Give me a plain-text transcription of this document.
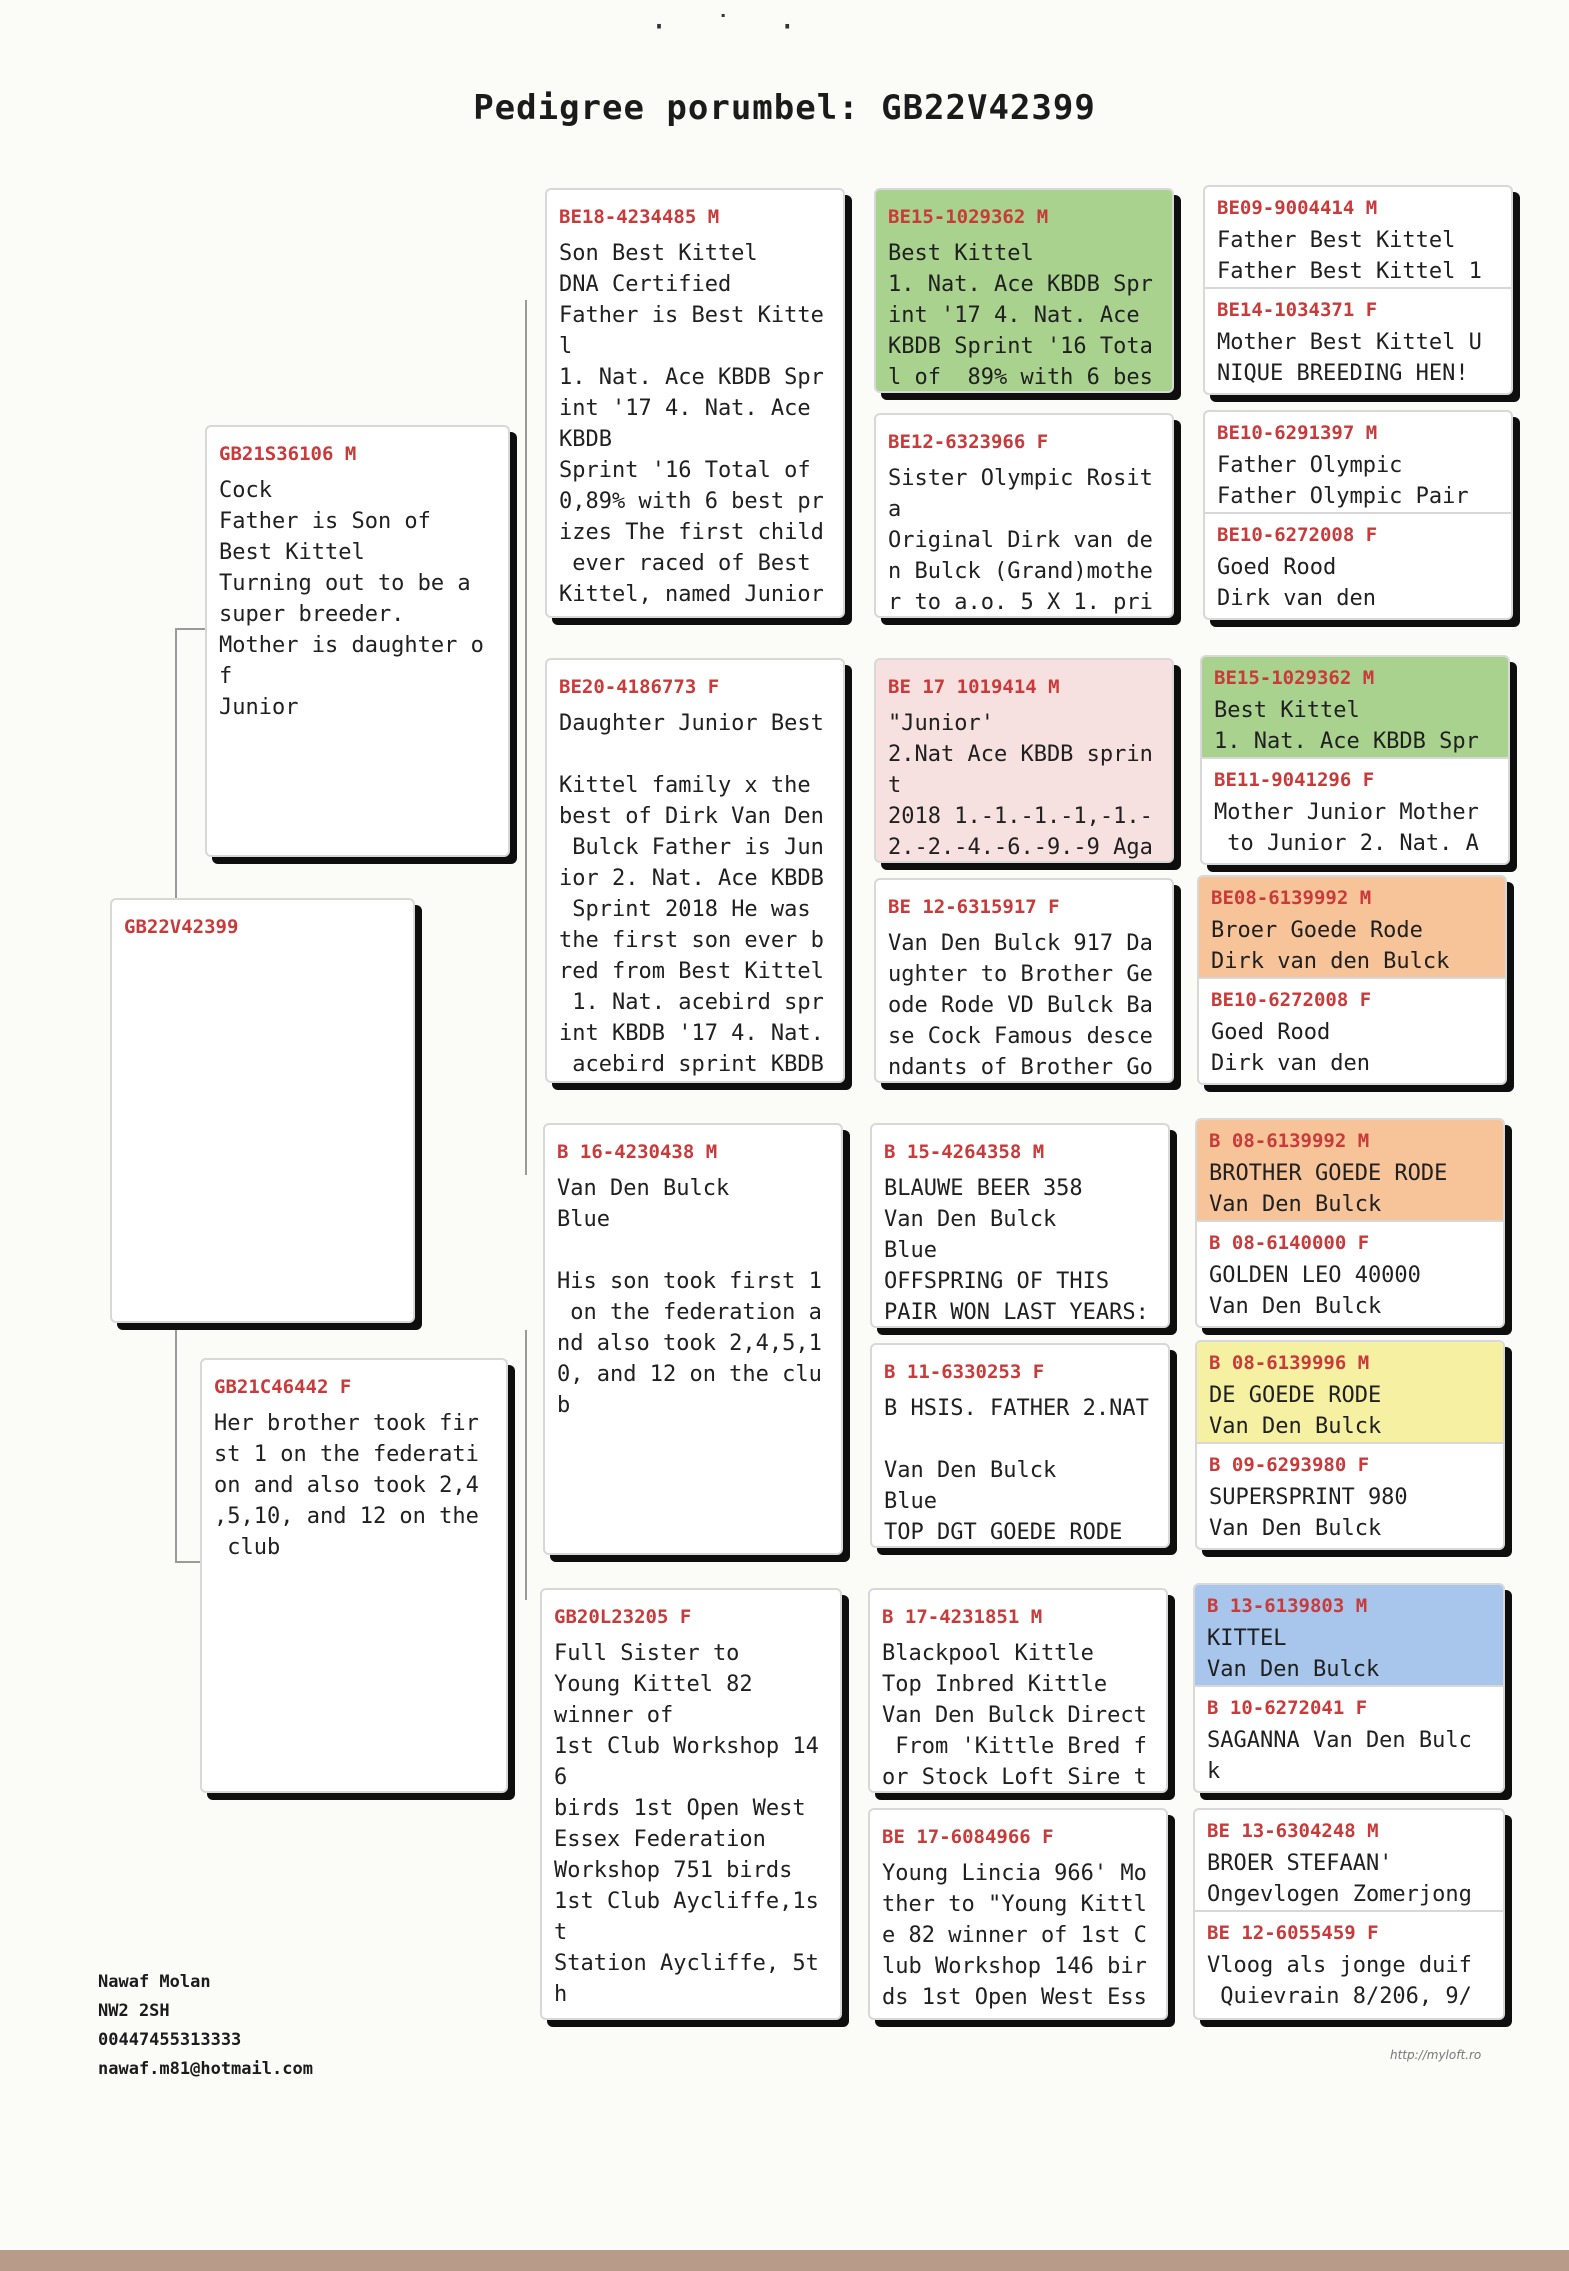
· ˙ ·
Pedigree porumbel: GB22V42399
GB22V42399
GB21S36106 M
Cock
Father is Son of
Best Kittel
Turning out to be a
super breeder.
Mother is daughter o
f
Junior
GB21C46442 F
Her brother took fir
st 1 on the federati
on and also took 2,4
,5,10, and 12 on the
club
BE18-4234485 M
Son Best Kittel
DNA Certified
Father is Best Kitte
l
1. Nat. Ace KBDB Spr
int '17 4. Nat. Ace
KBDB
Sprint '16 Total of
0,89% with 6 best pr
izes The first child
ever raced of Best
Kittel, named Junior
BE20-4186773 F
Daughter Junior Best

Kittel family x the
best of Dirk Van Den
Bulck Father is Jun
ior 2. Nat. Ace KBDB
Sprint 2018 He was
the first son ever b
red from Best Kittel
1. Nat. acebird spr
int KBDB '17 4. Nat.
acebird sprint KBDB
B 16-4230438 M
Van Den Bulck
Blue

His son took first 1
on the federation a
nd also took 2,4,5,1
0, and 12 on the clu
b
GB20L23205 F
Full Sister to
Young Kittel 82
winner of
1st Club Workshop 14
6
birds 1st Open West
Essex Federation
Workshop 751 birds
1st Club Aycliffe,1s
t
Station Aycliffe, 5t
h
BE15-1029362 M
Best Kittel
1. Nat. Ace KBDB Spr
int '17 4. Nat. Ace
KBDB Sprint '16 Tota
l of  89% with 6 bes
BE12-6323966 F
Sister Olympic Rosit
a
Original Dirk van de
n Bulck (Grand)mothe
r to a.o. 5 X 1. pri
BE 17 1019414 M
"Junior'
2.Nat Ace KBDB sprin
t
2018 1.-1.-1.-1,-1.-
2.-2.-4.-6.-9.-9 Aga
BE 12-6315917 F
Van Den Bulck 917 Da
ughter to Brother Ge
ode Rode VD Bulck Ba
se Cock Famous desce
ndants of Brother Go
B 15-4264358 M
BLAUWE BEER 358
Van Den Bulck
Blue
OFFSPRING OF THIS
PAIR WON LAST YEARS:
B 11-6330253 F
B HSIS. FATHER 2.NAT

Van Den Bulck
Blue
TOP DGT GOEDE RODE
B 17-4231851 M
Blackpool Kittle
Top Inbred Kittle
Van Den Bulck Direct
From 'Kittle Bred f
or Stock Loft Sire t
BE 17-6084966 F
Young Lincia 966' Mo
ther to "Young Kittl
e 82 winner of 1st C
lub Workshop 146 bir
ds 1st Open West Ess
BE09-9004414 M
Father Best Kittel
Father Best Kittel 1
BE14-1034371 F
Mother Best Kittel U
NIQUE BREEDING HEN!
BE10-6291397 M
Father Olympic
Father Olympic Pair
BE10-6272008 F
Goed Rood
Dirk van den
BE15-1029362 M
Best Kittel
1. Nat. Ace KBDB Spr
BE11-9041296 F
Mother Junior Mother
to Junior 2. Nat. A
BE08-6139992 M
Broer Goede Rode
Dirk van den Bulck
BE10-6272008 F
Goed Rood
Dirk van den
B 08-6139992 M
BROTHER GOEDE RODE
Van Den Bulck
B 08-6140000 F
GOLDEN LEO 40000
Van Den Bulck
B 08-6139996 M
DE GOEDE RODE
Van Den Bulck
B 09-6293980 F
SUPERSPRINT 980
Van Den Bulck
B 13-6139803 M
KITTEL
Van Den Bulck
B 10-6272041 F
SAGANNA Van Den Bulc
k
BE 13-6304248 M
BROER STEFAAN'
Ongevlogen Zomerjong
BE 12-6055459 F
Vloog als jonge duif
Quievrain 8/206, 9/
Nawaf Molan
NW2 2SH
00447455313333
nawaf.m81@hotmail.com
http://myloft.ro
